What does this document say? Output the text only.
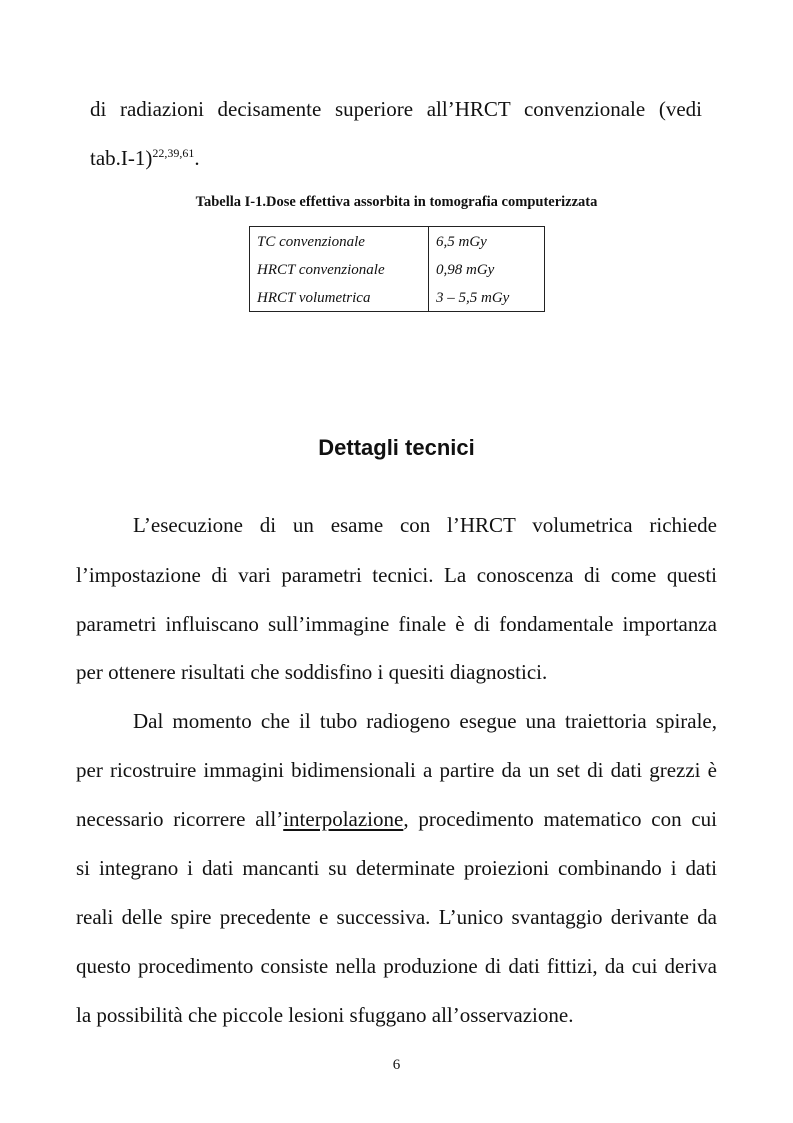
di radiazioni decisamente superiore all’HRCT convenzionale (vedi
tab.I-1)$^{22,39,61}$.
Tabella I-1.Dose effettiva assorbita in tomografia computerizzata
TC convenzionale	6,5 mGy
HRCT convenzionale	0,98 mGy
HRCT volumetrica	3 – 5,5 mGy
Dettagli tecnici
L’esecuzione di un esame con l’HRCT volumetrica richiede
l’impostazione di vari parametri tecnici. La conoscenza di come questi
parametri influiscano sull’immagine finale è di fondamentale importanza
per ottenere risultati che soddisfino i quesiti diagnostici.
Dal momento che il tubo radiogeno esegue una traiettoria spirale,
per ricostruire immagini bidimensionali a partire da un set di dati grezzi è
necessario ricorrere all’interpolazione, procedimento matematico con cui
si integrano i dati mancanti su determinate proiezioni combinando i dati
reali delle spire precedente e successiva. L’unico svantaggio derivante da
questo procedimento consiste nella produzione di dati fittizi, da cui deriva
la possibilità che piccole lesioni sfuggano all’osservazione.
6
